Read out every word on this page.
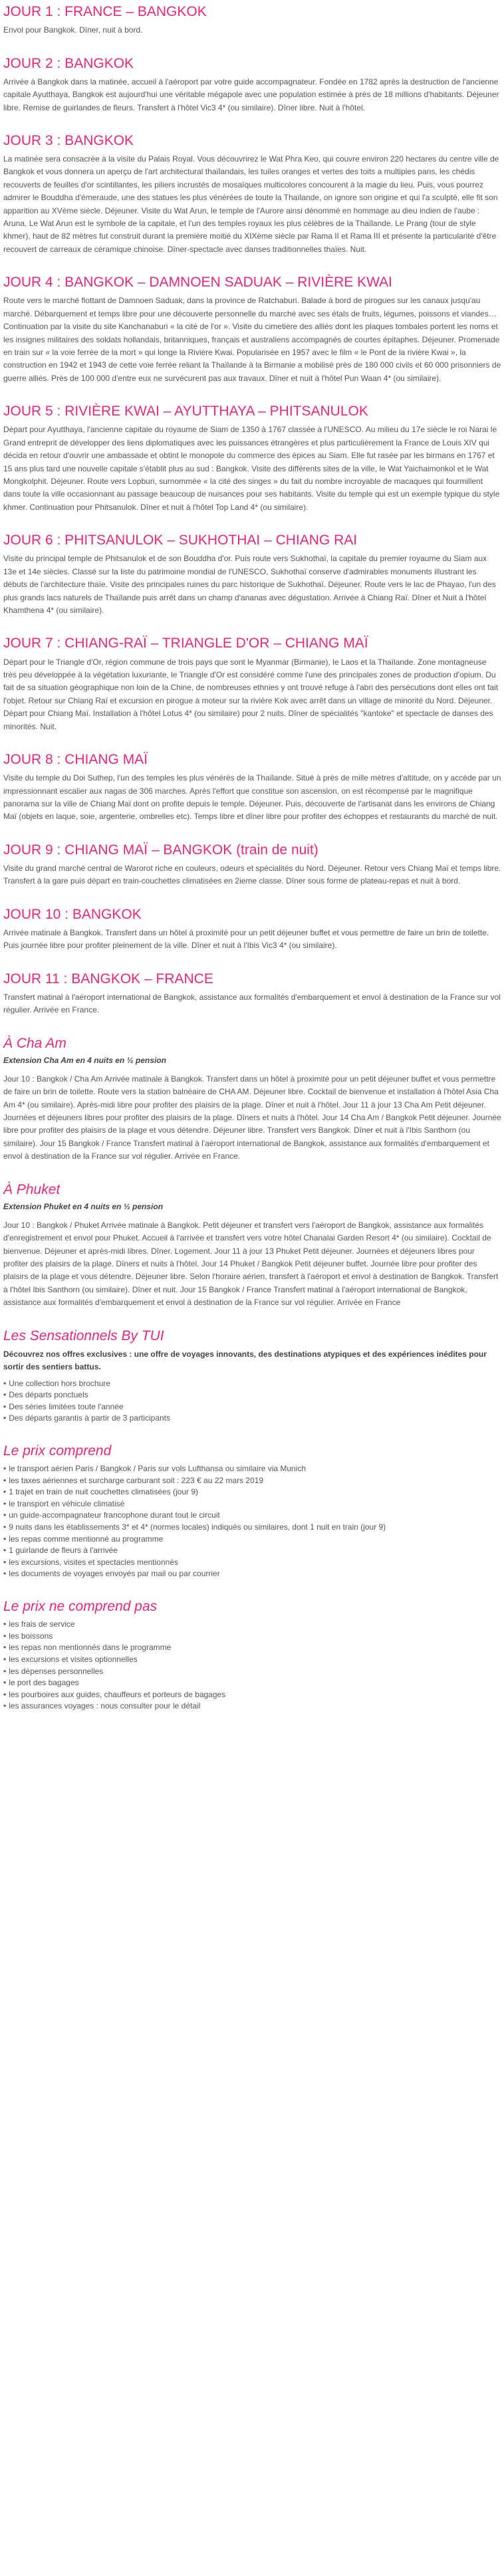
JOUR 1 : FRANCE – BANGKOK

Envol pour Bangkok. Dîner, nuit à bord.

JOUR 2 : BANGKOK

Arrivée à Bangkok dans la matinée, accueil à l'aéroport par votre guide accompagnateur. Fondée en 1782 après la destruction de l'ancienne capitale Ayutthaya, Bangkok est aujourd'hui une véritable mégapole avec une population estimée à près de 18 millions d'habitants. Déjeuner libre. Remise de guirlandes de fleurs. Transfert à l'hôtel Vic3 4* (ou similaire). Dîner libre. Nuit à l'hôtel.

JOUR 3 : BANGKOK

La matinée sera consacrée à la visite du Palais Royal. Vous découvrirez le Wat Phra Keo, qui couvre environ 220 hectares du centre ville de Bangkok et vous donnera un aperçu de l'art architectural thaïlandais, les tuiles oranges et vertes des toits a multiples pans, les chédis recouverts de feuilles d'or scintillantes, les piliers incrustés de mosaïques multicolores concourent à la magie du lieu. Puis, vous pourrez admirer le Bouddha d'émeraude, une des statues les plus vénérées de toute la Thaïlande, on ignore son origine et qui l'a sculpté, elle fit son apparition au XVème siècle. Déjeuner. Visite du Wat Arun, le temple de l'Aurore ainsi dénommé en hommage au dieu indien de l'aube : Aruna. Le Wat Arun est le symbole de la capitale, et l'un des temples royaux les plus célèbres de la Thaïlande. Le Prang (tour de style khmer), haut de 82 mètres fut construit durant la première moitié du XIXème siècle par Rama II et Rama III et présente la particularité d'être recouvert de carreaux de céramique chinoise. Dîner-spectacle avec danses traditionnelles thaïes. Nuit.

JOUR 4 : BANGKOK – DAMNOEN SADUAK – RIVIÈRE KWAI

Route vers le marché flottant de Damnoen Saduak, dans la province de Ratchaburi. Balade à bord de pirogues sur les canaux jusqu'au marché. Débarquement et temps libre pour une découverte personnelle du marché avec ses étals de fruits, légumes, poissons et viandes… Continuation par la visite du site Kanchanaburi « la cité de l'or ». Visite du cimetière des alliés dont les plaques tombales portent les noms et les insignes militaires des soldats hollandais, britanniques, français et australiens accompagnés de courtes épitaphes. Déjeuner. Promenade en train sur « la voie ferrée de la mort » qui longe la Rivière Kwai. Popularisée en 1957 avec le film « le Pont de la rivière Kwai », la construction en 1942 et 1943 de cette voie ferrée reliant la Thaïlande à la Birmanie a mobilisé près de 180 000 civils et 60 000 prisonniers de guerre alliés. Près de 100 000 d'entre eux ne survécurent pas aux travaux. Dîner et nuit à l'hôtel Pun Waan 4* (ou similaire).

JOUR 5 : RIVIÈRE KWAI – AYUTTHAYA – PHITSANULOK

Départ pour Ayutthaya, l'ancienne capitale du royaume de Siam de 1350 à 1767 classée à l'UNESCO. Au milieu du 17e siècle le roi Narai le Grand entreprit de développer des liens diplomatiques avec les puissances étrangères et plus particulièrement la France de Louis XIV qui décida en retour d'ouvrir une ambassade et obtint le monopole du commerce des épices au Siam. Elle fut rasée par les birmans en 1767 et 15 ans plus tard une nouvelle capitale s'établit plus au sud : Bangkok. Visite des différents sites de la ville, le Wat Yaichaimonkol et le Wat Mongkolphit. Déjeuner. Route vers Lopburi, surnommée « la cité des singes » du fait du nombre incroyable de macaques qui fourmillent dans toute la ville occasionnant au passage beaucoup de nuisances pour ses habitants. Visite du temple qui est un exemple typique du style khmer. Continuation pour Phitsanulok. Dîner et nuit à l'hôtel Top Land 4* (ou similaire).

JOUR 6 : PHITSANULOK – SUKHOTHAI – CHIANG RAI

Visite du principal temple de Phitsanulok et de son Bouddha d'or. Puis route vers Sukhothaï, la capitale du premier royaume du Siam aux 13e et 14e siècles. Classé sur la liste du patrimoine mondial de l'UNESCO, Sukhothaï conserve d'admirables monuments illustrant les débuts de l'architecture thaïe. Visite des principales ruines du parc historique de Sukhothaï. Déjeuner. Route vers le lac de Phayao, l'un des plus grands lacs naturels de Thaïlande puis arrêt dans un champ d'ananas avec dégustation. Arrivée à Chiang Raï. Dîner et Nuit à l'hôtel Khamthena 4* (ou similaire).

JOUR 7 : CHIANG-RAÏ – TRIANGLE D'OR – CHIANG MAÏ

Départ pour le Triangle d'Or, région commune de trois pays que sont le Myanmar (Birmanie), le Laos et la Thaïlande. Zone montagneuse très peu développée à la végétation luxuriante, le Triangle d'Or est considéré comme l'une des principales zones de production d'opium. Du fait de sa situation géographique non loin de la Chine, de nombreuses ethnies y ont trouvé refuge à l'abri des persécutions dont elles ont fait l'objet. Retour sur Chiang Raï et excursion en pirogue à moteur sur la rivière Kok avec arrêt dans un village de minorité du Nord. Déjeuner. Départ pour Chiang Maï. Installation à l'hôtel Lotus 4* (ou similaire) pour 2 nuits. Dîner de spécialités "kantoke" et spectacle de danses des minorités. Nuit.

JOUR 8 : CHIANG MAÏ

Visite du temple du Doi Suthep, l'un des temples les plus vénérés de la Thaïlande. Situé à près de mille mètres d'altitude, on y accède par un impressionnant escalier aux nagas de 306 marches. Après l'effort que constitue son ascension, on est récompensé par le magnifique panorama sur la ville de Chiang Maï dont on profite depuis le temple. Déjeuner. Puis, découverte de l'artisanat dans les environs de Chiang Maï (objets en laque, soie, argenterie, ombrelles etc). Temps libre et dîner libre pour profiter des échoppes et restaurants du marché de nuit.

JOUR 9 : CHIANG MAÏ – BANGKOK (train de nuit)

Visite du grand marché central de Warorot riche en couleurs, odeurs et spécialités du Nord. Déjeuner. Retour vers Chiang Maï et temps libre. Transfert à la gare puis départ en train-couchettes climatisées en 2ieme classe. Dîner sous forme de plateau-repas et nuit à bord.

JOUR 10 : BANGKOK

Arrivée matinale à Bangkok. Transfert dans un hôtel à proximité pour un petit déjeuner buffet et vous permettre de faire un brin de toilette. Puis journée libre pour profiter pleinement de la ville. Dîner et nuit à l'Ibis Vic3 4* (ou similaire).

JOUR 11 : BANGKOK – FRANCE

Transfert matinal à l'aéroport international de Bangkok, assistance aux formalités d'embarquement et envol à destination de la France sur vol régulier. Arrivée en France.

À Cha Am
Extension Cha Am en 4 nuits en ½ pension

Jour 10 : Bangkok / Cha Am Arrivée matinale à Bangkok. Transfert dans un hôtel à proximité pour un petit déjeuner buffet et vous permettre de faire un brin de toilette. Route vers la station balnéaire de CHA AM. Déjeuner libre. Cocktail de bienvenue et installation à l'hôtel Asia Cha Am 4* (ou similaire). Après-midi libre pour profiter des plaisirs de la plage. Dîner et nuit à l'hôtel. Jour 11 à jour 13 Cha Am Petit déjeuner. Journées et déjeuners libres pour profiter des plaisirs de la plage. Dîners et nuits à l'hôtel. Jour 14 Cha Am / Bangkok Petit déjeuner. Journée libre pour profiter des plaisirs de la plage et vous détendre. Déjeuner libre. Transfert vers Bangkok. Dîner et nuit à l'Ibis Santhorn (ou similaire). Jour 15 Bangkok / France Transfert matinal à l'aéroport international de Bangkok, assistance aux formalités d'embarquement et envol à destination de la France sur vol régulier. Arrivée en France.

À Phuket
Extension Phuket en 4 nuits en ½ pension

Jour 10 : Bangkok / Phuket Arrivée matinale à Bangkok. Petit déjeuner et transfert vers l'aéroport de Bangkok, assistance aux formalités d'enregistrement et envol pour Phuket. Accueil à l'arrivée et transfert vers votre hôtel Chanalai Garden Resort 4* (ou similaire). Cocktail de bienvenue. Déjeuner et après-midi libres. Dîner. Logement. Jour 11 à jour 13 Phuket Petit déjeuner. Journées et déjeuners libres pour profiter des plaisirs de la plage. Dîners et nuits à l'hôtel. Jour 14 Phuket / Bangkok Petit déjeuner buffet. Journée libre pour profiter des plaisirs de la plage et vous détendre. Déjeuner libre. Selon l'horaire aérien, transfert à l'aéroport et envol à destination de Bangkok. Transfert à l'hôtel Ibis Santhorn (ou similaire). Dîner et nuit. Jour 15 Bangkok / France Transfert matinal à l'aéroport international de Bangkok, assistance aux formalités d'embarquement et envol à destination de la France sur vol régulier. Arrivée en France

Les Sensationnels By TUI

Découvrez nos offres exclusives : une offre de voyages innovants, des destinations atypiques et des expériences inédites pour sortir des sentiers battus.

• Une collection hors brochure
• Des départs ponctuels
• Des séries limitées toute l'année
• Des départs garantis à partir de 3 participants
Le prix comprend
• le transport aérien Paris / Bangkok / Paris sur vols Lufthansa ou similaire via Munich
• les taxes aériennes et surcharge carburant soit : 223 € au 22 mars 2019
• 1 trajet en train de nuit couchettes climatisées (jour 9)
• le transport en véhicule climatisé
• un guide-accompagnateur francophone durant tout le circuit
• 9 nuits dans les établissements 3* et 4* (normes locales) indiqués ou similaires, dont 1 nuit en train (jour 9)
• les repas comme mentionné au programme
• 1 guirlande de fleurs à l'arrivée
• les excursions, visites et spectacles mentionnés
• les documents de voyages envoyés par mail ou par courrier
Le prix ne comprend pas
• les frais de service
• les boissons
• les repas non mentionnés dans le programme
• les excursions et visites optionnelles
• les dépenses personnelles
• le port des bagages
• les pourboires aux guides, chauffeurs et porteurs de bagages
• les assurances voyages : nous consulter pour le détail
